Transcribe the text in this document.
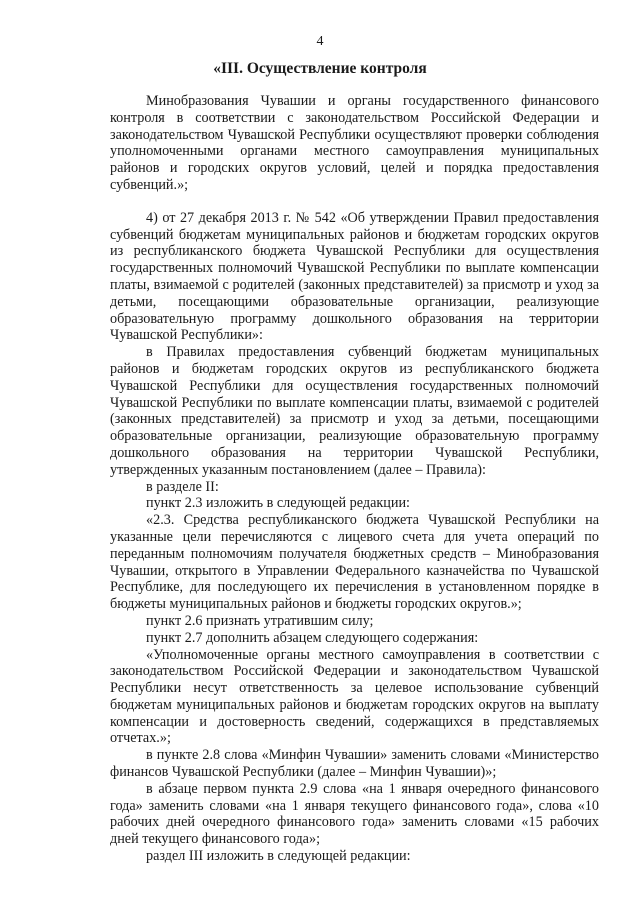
4
«III. Осуществление контроля

Минобразования Чувашии и органы государственного финансового контроля в соответствии с законодательством Российской Федерации и законодательством Чувашской Республики осуществляют проверки соблюдения уполномоченными органами местного самоуправления муниципальных районов и городских округов условий, целей и порядка предоставления субвенций.»;

4) от 27 декабря 2013 г. № 542 «Об утверждении Правил предоставления субвенций бюджетам муниципальных районов и бюджетам городских округов из республиканского бюджета Чувашской Республики для осуществления государственных полномочий Чувашской Республики по выплате компенсации платы, взимаемой с родителей (законных представителей) за присмотр и уход за детьми, посещающими образовательные организации, реализующие образовательную программу дошкольного образования на территории Чувашской Республики»:

в Правилах предоставления субвенций бюджетам муниципальных районов и бюджетам городских округов из республиканского бюджета Чувашской Республики для осуществления государственных полномочий Чувашской Республики по выплате компенсации платы, взимаемой с родителей (законных представителей) за присмотр и уход за детьми, посещающими образовательные организации, реализующие образовательную программу дошкольного образования на территории Чувашской Республики, утвержденных указанным постановлением (далее – Правила):

в разделе II:

пункт 2.3 изложить в следующей редакции:

«2.3. Средства республиканского бюджета Чувашской Республики на указанные цели перечисляются с лицевого счета для учета операций по переданным полномочиям получателя бюджетных средств – Минобразования Чувашии, открытого в Управлении Федерального казначейства по Чувашской Республике, для последующего их перечисления в установленном порядке в бюджеты муниципальных районов и бюджеты городских округов.»;

пункт 2.6 признать утратившим силу;

пункт 2.7 дополнить абзацем следующего содержания:

«Уполномоченные органы местного самоуправления в соответствии с законодательством Российской Федерации и законодательством Чувашской Республики несут ответственность за целевое использование субвенций бюджетам муниципальных районов и бюджетам городских округов на выплату компенсации и достоверность сведений, содержащихся в представляемых отчетах.»;

в пункте 2.8 слова «Минфин Чувашии» заменить словами «Министерство финансов Чувашской Республики (далее – Минфин Чувашии)»;

в абзаце первом пункта 2.9 слова «на 1 января очередного финансового года» заменить словами «на 1 января текущего финансового года», слова «10 рабочих дней очередного финансового года» заменить словами «15 рабочих дней текущего финансового года»;

раздел III изложить в следующей редакции:
